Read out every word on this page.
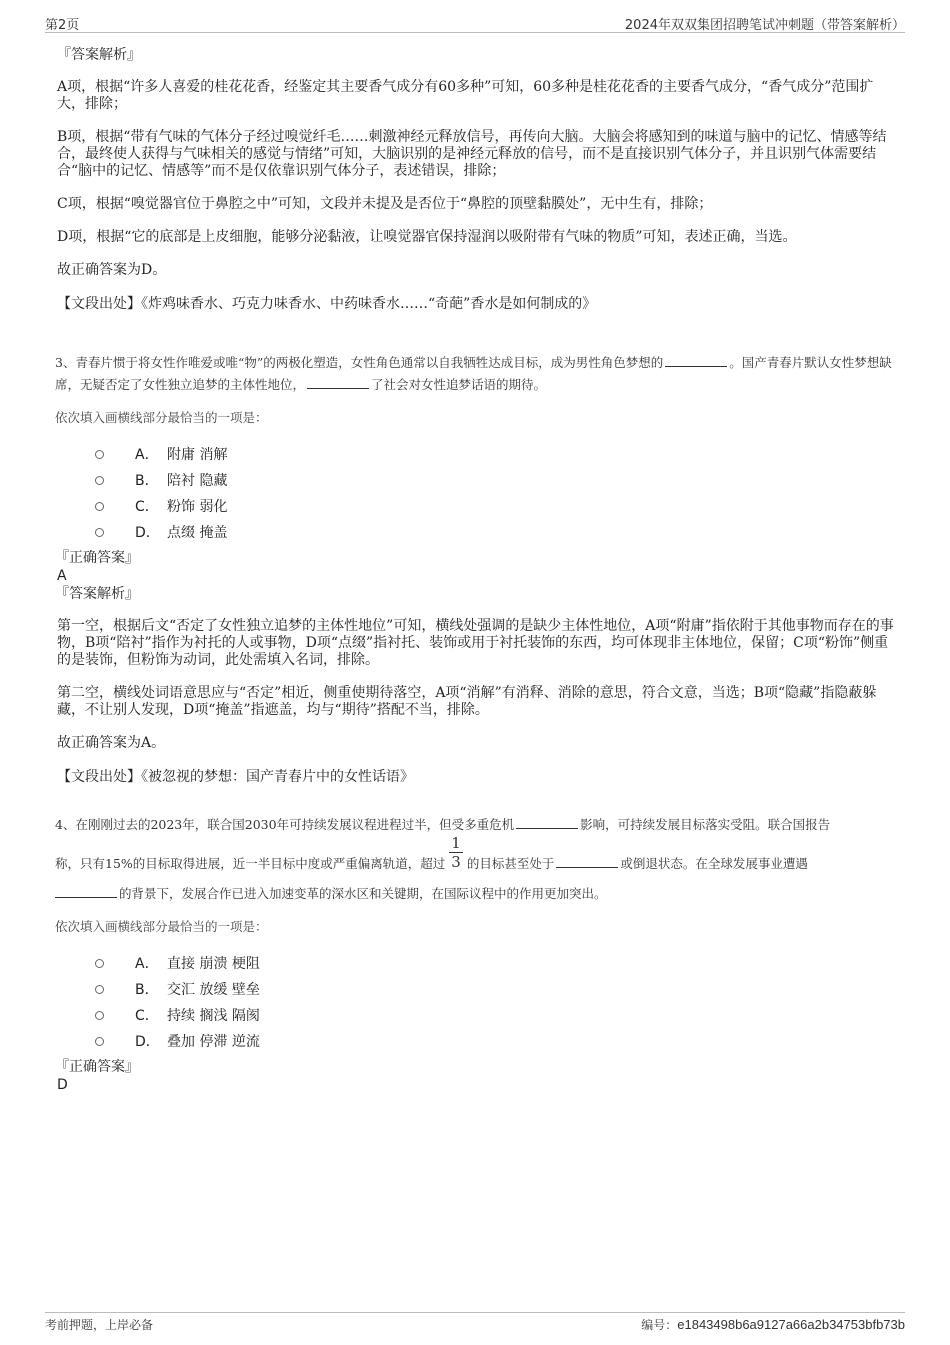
第2页	2024年双双集团招聘笔试冲刺题（带答案解析）
『答案解析』

A项，根据“许多人喜爱的桂花花香，经鉴定其主要香气成分有60多种”可知，60多种是桂花花香的主要香气成分，“香气成分”范围扩大，排除；

B项，根据“带有气味的气体分子经过嗅觉纤毛……刺激神经元释放信号，再传向大脑。大脑会将感知到的味道与脑中的记忆、情感等结合，最终使人获得与气味相关的感觉与情绪”可知，大脑识别的是神经元释放的信号，而不是直接识别气体分子，并且识别气体需要结合“脑中的记忆、情感等”而不是仅依靠识别气体分子，表述错误，排除；

C项，根据“嗅觉器官位于鼻腔之中”可知，文段并未提及是否位于“鼻腔的顶壁黏膜处”，无中生有，排除；

D项，根据“它的底部是上皮细胞，能够分泌黏液，让嗅觉器官保持湿润以吸附带有气味的物质”可知，表述正确，当选。

故正确答案为D。

【文段出处】《炸鸡味香水、巧克力味香水、中药味香水……“奇葩”香水是如何制成的》

3、青春片惯于将女性作唯爱或唯“物”的两极化塑造，女性角色通常以自我牺牲达成目标，成为男性角色梦想的	。国产青春片默认女性梦想缺席，无疑否定了女性独立追梦的主体性地位，	了社会对女性追梦话语的期待。

依次填入画横线部分最恰当的一项是：

A． 附庸 消解
B． 陪衬 隐藏
C． 粉饰 弱化
D． 点缀 掩盖
『正确答案』
A
『答案解析』

第一空，根据后文“否定了女性独立追梦的主体性地位”可知，横线处强调的是缺少主体性地位，A项“附庸”指依附于其他事物而存在的事物，B项“陪衬”指作为衬托的人或事物，D项“点缀”指衬托、装饰或用于衬托装饰的东西，均可体现非主体地位，保留；C项“粉饰”侧重的是装饰，但粉饰为动词，此处需填入名词，排除。

第二空，横线处词语意思应与“否定”相近，侧重使期待落空，A项“消解”有消释、消除的意思，符合文意，当选；B项“隐藏”指隐蔽躲藏，不让别人发现，D项“掩盖”指遮盖，均与“期待”搭配不当，排除。

故正确答案为A。

【文段出处】《被忽视的梦想：国产青春片中的女性话语》

4、在刚刚过去的2023年，联合国2030年可持续发展议程进程过半，但受多重危机	影响，可持续发展目标落实受阻。联合国报告

称，只有15%的目标取得进展，近一半目标中度或严重偏离轨道，超过 $\frac{1}{3}$ 的目标甚至处于	或倒退状态。在全球发展事业遭遇

的背景下，发展合作已进入加速变革的深水区和关键期，在国际议程中的作用更加突出。

依次填入画横线部分最恰当的一项是：

A． 直接 崩溃 梗阻
B． 交汇 放缓 壁垒
C． 持续 搁浅 隔阂
D． 叠加 停滞 逆流
『正确答案』
D
考前押题，上岸必备	编号：e1843498b6a9127a66a2b34753bfb73b
